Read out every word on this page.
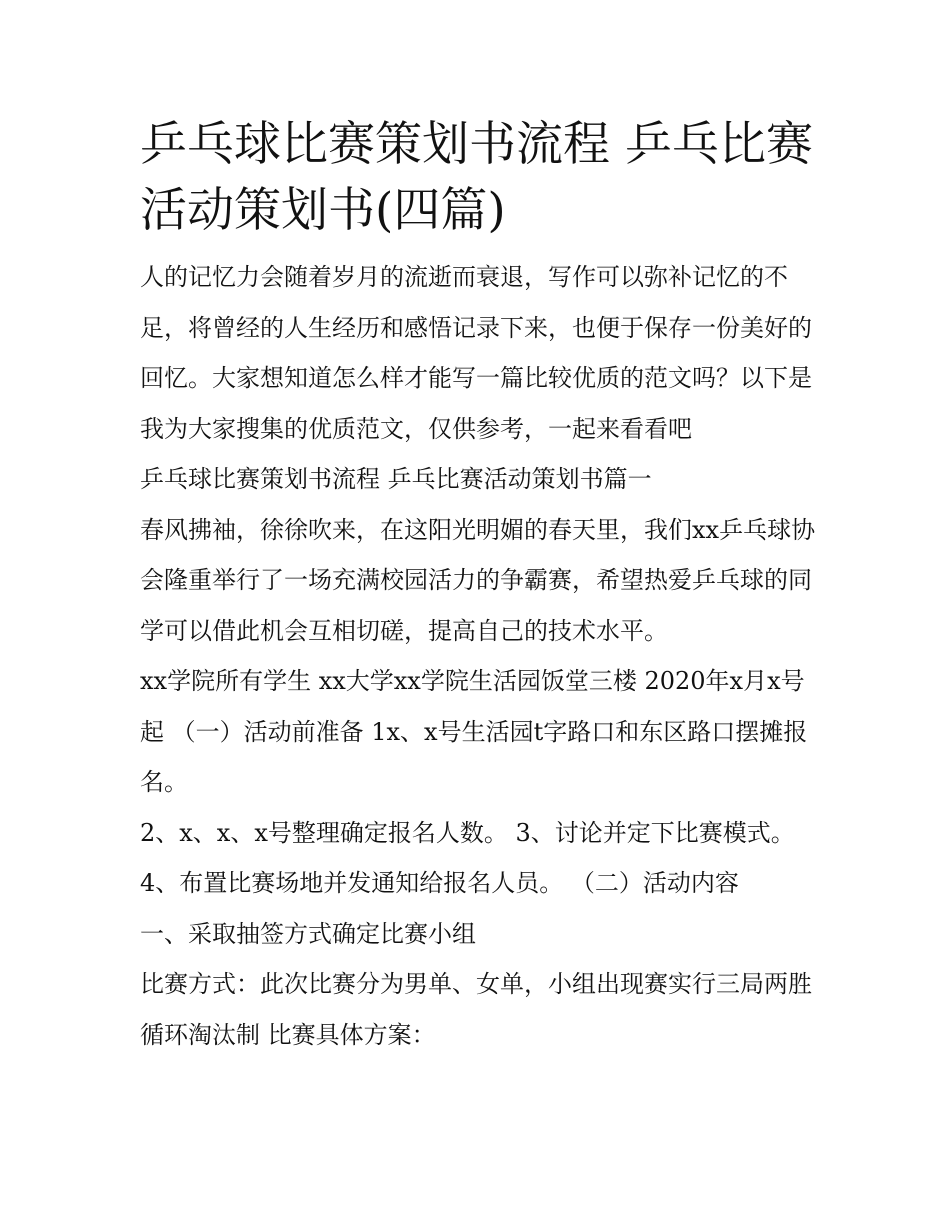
乒乓球比赛策划书流程 乒乓比赛活动策划书(四篇)

人的记忆力会随着岁月的流逝而衰退，写作可以弥补记忆的不足，将曾经的人生经历和感悟记录下来，也便于保存一份美好的回忆。大家想知道怎么样才能写一篇比较优质的范文吗？以下是我为大家搜集的优质范文，仅供参考，一起来看看吧

乒乓球比赛策划书流程 乒乓比赛活动策划书篇一

春风拂袖，徐徐吹来，在这阳光明媚的春天里，我们xx乒乓球协会隆重举行了一场充满校园活力的争霸赛，希望热爱乒乓球的同学可以借此机会互相切磋，提高自己的技术水平。

xx学院所有学生 xx大学xx学院生活园饭堂三楼 2020年x月x号起 （一）活动前准备 1x、x号生活园t字路口和东区路口摆摊报名。

2、x、x、x号整理确定报名人数。 3、讨论并定下比赛模式。

4、布置比赛场地并发通知给报名人员。 （二）活动内容

一、采取抽签方式确定比赛小组

比赛方式：此次比赛分为男单、女单，小组出现赛实行三局两胜循环淘汰制 比赛具体方案：
